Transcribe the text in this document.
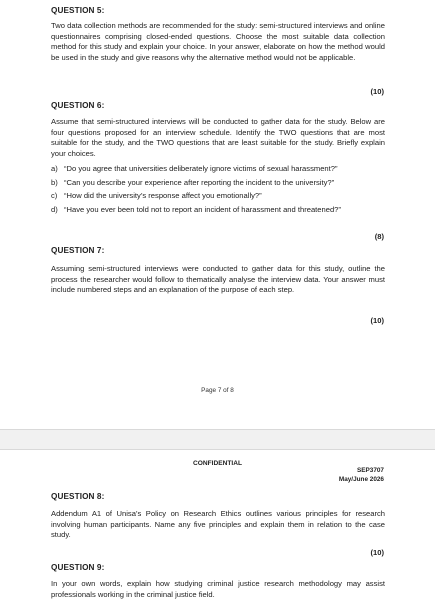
QUESTION 5:
Two data collection methods are recommended for the study: semi-structured interviews and online questionnaires comprising closed-ended questions. Choose the most suitable data collection method for this study and explain your choice. In your answer, elaborate on how the method would be used in the study and give reasons why the alternative method would not be applicable.
(10)
QUESTION 6:
Assume that semi-structured interviews will be conducted to gather data for the study. Below are four questions proposed for an interview schedule. Identify the TWO questions that are most suitable for the study, and the TWO questions that are least suitable for the study. Briefly explain your choices.
a) “Do you agree that universities deliberately ignore victims of sexual harassment?”
b) “Can you describe your experience after reporting the incident to the university?”
c) “How did the university’s response affect you emotionally?”
d) “Have you ever been told not to report an incident of harassment and threatened?”
(8)
QUESTION 7:
Assuming semi-structured interviews were conducted to gather data for this study, outline the process the researcher would follow to thematically analyse the interview data. Your answer must include numbered steps and an explanation of the purpose of each step.
(10)
Page 7 of 8
CONFIDENTIAL
SEP3707
May/June 2026
QUESTION 8:
Addendum A1 of Unisa’s Policy on Research Ethics outlines various principles for research involving human participants. Name any five principles and explain them in relation to the case study.
(10)
QUESTION 9:
In your own words, explain how studying criminal justice research methodology may assist professionals working in the criminal justice field.
